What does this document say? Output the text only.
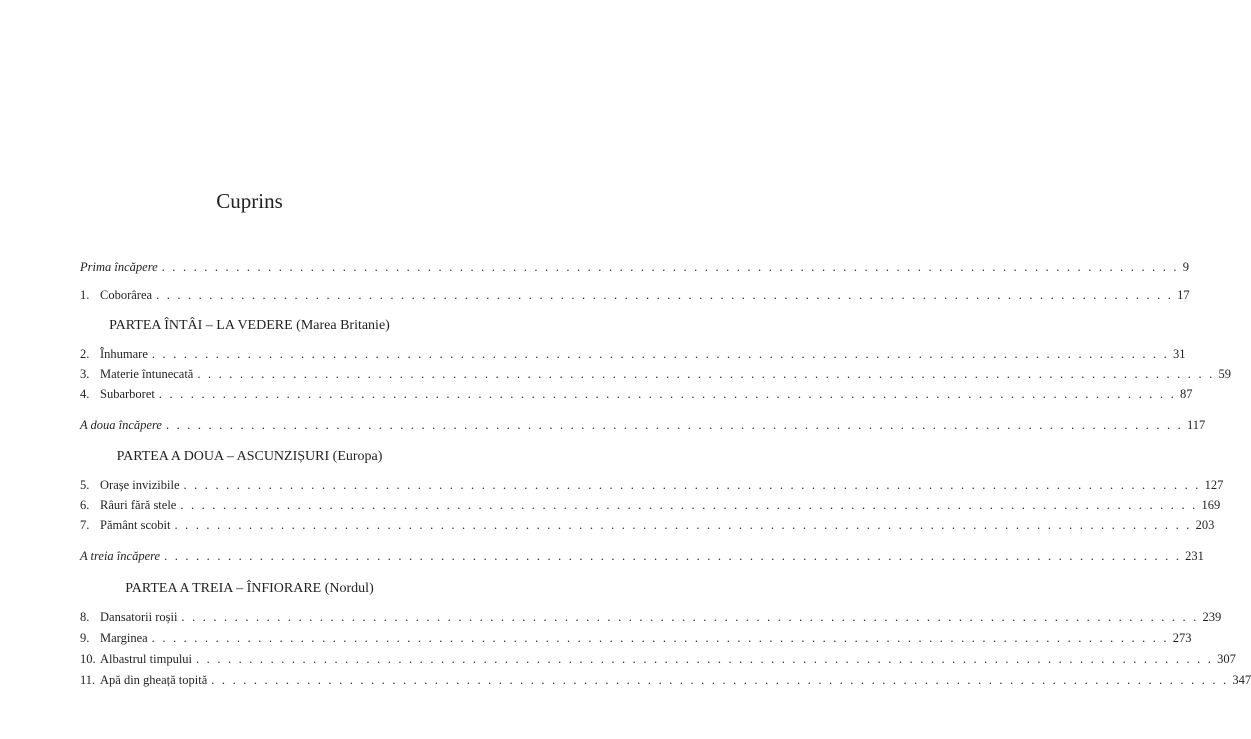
Cuprins
Prima încăpere . . . . . . . . . . . . . . . . . . . . . . . . . . . . . . . . . . . . . . . . . . . . . . . . . . . . . . . . . . . . . . . . . . . . . . . . . . . . . . . . . . . . . . . . . . . . . . . . 9
1. Coborârea . . . . . . . . . . . . . . . . . . . . . . . . . . . . . . . . . . . . . . . . . . . . . . . . . . . . . . . . . . . . . . . . . . . . . . . . . . . . . . . . . . . . . . . . . . . . . . . . 17
PARTEA ÎNTÂI – LA VEDERE (Marea Britanie)
2. Înhumare . . . . . . . . . . . . . . . . . . . . . . . . . . . . . . . . . . . . . . . . . . . . . . . . . . . . . . . . . . . . . . . . . . . . . . . . . . . . . . . . . . . . . . . . . . . . . . . . 31
3. Materie întunecată . . . . . . . . . . . . . . . . . . . . . . . . . . . . . . . . . . . . . . . . . . . . . . . . . . . . . . . . . . . . . . . . . . . . . . . . . . . . . . . . . . . . . . . . . . . . . . . . 59
4. Subarboret . . . . . . . . . . . . . . . . . . . . . . . . . . . . . . . . . . . . . . . . . . . . . . . . . . . . . . . . . . . . . . . . . . . . . . . . . . . . . . . . . . . . . . . . . . . . . . . . 87
A doua încăpere . . . . . . . . . . . . . . . . . . . . . . . . . . . . . . . . . . . . . . . . . . . . . . . . . . . . . . . . . . . . . . . . . . . . . . . . . . . . . . . . . . . . . . . . . . . . . . . . 117
PARTEA A DOUA – ASCUNZIȘURI (Europa)
5. Orașe invizibile . . . . . . . . . . . . . . . . . . . . . . . . . . . . . . . . . . . . . . . . . . . . . . . . . . . . . . . . . . . . . . . . . . . . . . . . . . . . . . . . . . . . . . . . . . . . . . . . 127
6. Râuri fără stele . . . . . . . . . . . . . . . . . . . . . . . . . . . . . . . . . . . . . . . . . . . . . . . . . . . . . . . . . . . . . . . . . . . . . . . . . . . . . . . . . . . . . . . . . . . . . . . . 169
7. Pământ scobit . . . . . . . . . . . . . . . . . . . . . . . . . . . . . . . . . . . . . . . . . . . . . . . . . . . . . . . . . . . . . . . . . . . . . . . . . . . . . . . . . . . . . . . . . . . . . . . . 203
A treia încăpere . . . . . . . . . . . . . . . . . . . . . . . . . . . . . . . . . . . . . . . . . . . . . . . . . . . . . . . . . . . . . . . . . . . . . . . . . . . . . . . . . . . . . . . . . . . . . . . . 231
PARTEA A TREIA – ÎNFIORARE (Nordul)
8. Dansatorii roșii . . . . . . . . . . . . . . . . . . . . . . . . . . . . . . . . . . . . . . . . . . . . . . . . . . . . . . . . . . . . . . . . . . . . . . . . . . . . . . . . . . . . . . . . . . . . . . . . 239
9. Marginea . . . . . . . . . . . . . . . . . . . . . . . . . . . . . . . . . . . . . . . . . . . . . . . . . . . . . . . . . . . . . . . . . . . . . . . . . . . . . . . . . . . . . . . . . . . . . . . . 273
10. Albastrul timpului . . . . . . . . . . . . . . . . . . . . . . . . . . . . . . . . . . . . . . . . . . . . . . . . . . . . . . . . . . . . . . . . . . . . . . . . . . . . . . . . . . . . . . . . . . . . . . . . 307
11. Apă din gheață topită . . . . . . . . . . . . . . . . . . . . . . . . . . . . . . . . . . . . . . . . . . . . . . . . . . . . . . . . . . . . . . . . . . . . . . . . . . . . . . . . . . . . . . . . . . . . . . . . 347
